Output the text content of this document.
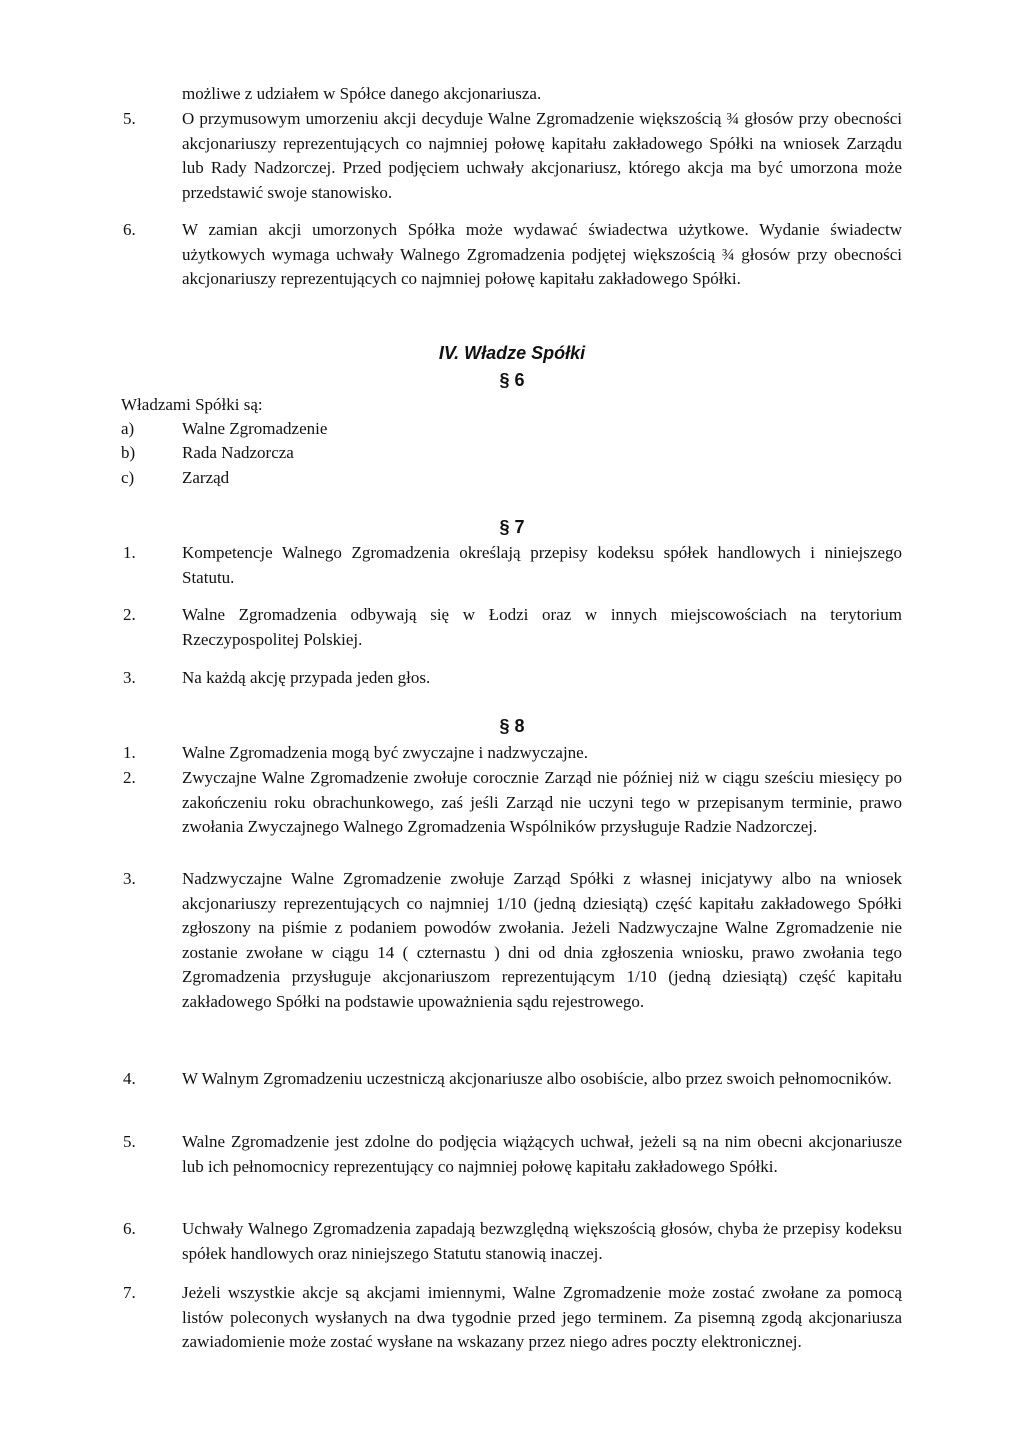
możliwe z udziałem w Spółce danego akcjonariusza.
5.	O przymusowym umorzeniu akcji decyduje Walne Zgromadzenie większością ¾ głosów przy obecności akcjonariuszy reprezentujących co najmniej połowę kapitału zakładowego Spółki na wniosek Zarządu lub Rady Nadzorczej. Przed podjęciem uchwały akcjonariusz, którego akcja ma być umorzona może przedstawić swoje stanowisko.
6.	W zamian akcji umorzonych Spółka może wydawać świadectwa użytkowe. Wydanie świadectw użytkowych wymaga uchwały Walnego Zgromadzenia podjętej większością ¾ głosów przy obecności akcjonariuszy reprezentujących co najmniej połowę kapitału zakładowego Spółki.
IV. Władze Spółki
§ 6
Władzami Spółki są:
a)	Walne Zgromadzenie
b)	Rada Nadzorcza
c)	Zarząd
§ 7
1.	Kompetencje Walnego Zgromadzenia określają przepisy kodeksu spółek handlowych i niniejszego Statutu.
2.	Walne Zgromadzenia odbywają się w Łodzi oraz w innych miejscowościach na terytorium Rzeczypospolitej Polskiej.
3.	Na każdą akcję przypada jeden głos.
§ 8
1.	Walne Zgromadzenia mogą być zwyczajne i nadzwyczajne.
2.	Zwyczajne Walne Zgromadzenie zwołuje corocznie Zarząd nie później niż w ciągu sześciu miesięcy po zakończeniu roku obrachunkowego, zaś jeśli Zarząd nie uczyni tego w przepisanym terminie, prawo zwołania Zwyczajnego Walnego Zgromadzenia Wspólników przysługuje Radzie Nadzorczej.
3.	Nadzwyczajne Walne Zgromadzenie zwołuje Zarząd Spółki z własnej inicjatywy albo na wniosek akcjonariuszy reprezentujących co najmniej 1/10 (jedną dziesiątą) część kapitału zakładowego Spółki zgłoszony na piśmie z podaniem powodów zwołania. Jeżeli Nadzwyczajne Walne Zgromadzenie nie zostanie zwołane w ciągu 14 ( czternastu ) dni od dnia zgłoszenia wniosku, prawo zwołania tego Zgromadzenia przysługuje akcjonariuszom reprezentującym 1/10 (jedną dziesiątą) część kapitału zakładowego Spółki na podstawie upoważnienia sądu rejestrowego.
4.	W Walnym Zgromadzeniu uczestniczą akcjonariusze albo osobiście, albo przez swoich pełnomocników.
5.	Walne Zgromadzenie jest zdolne do podjęcia wiążących uchwał, jeżeli są na nim obecni akcjonariusze lub ich pełnomocnicy reprezentujący co najmniej połowę kapitału zakładowego Spółki.
6.	Uchwały Walnego Zgromadzenia zapadają bezwzględną większością głosów, chyba że przepisy kodeksu spółek handlowych oraz niniejszego Statutu stanowią inaczej.
7.	Jeżeli wszystkie akcje są akcjami imiennymi, Walne Zgromadzenie może zostać zwołane za pomocą listów poleconych wysłanych na dwa tygodnie przed jego terminem. Za pisemną zgodą akcjonariusza zawiadomienie może zostać wysłane na wskazany przez niego adres poczty elektronicznej.
